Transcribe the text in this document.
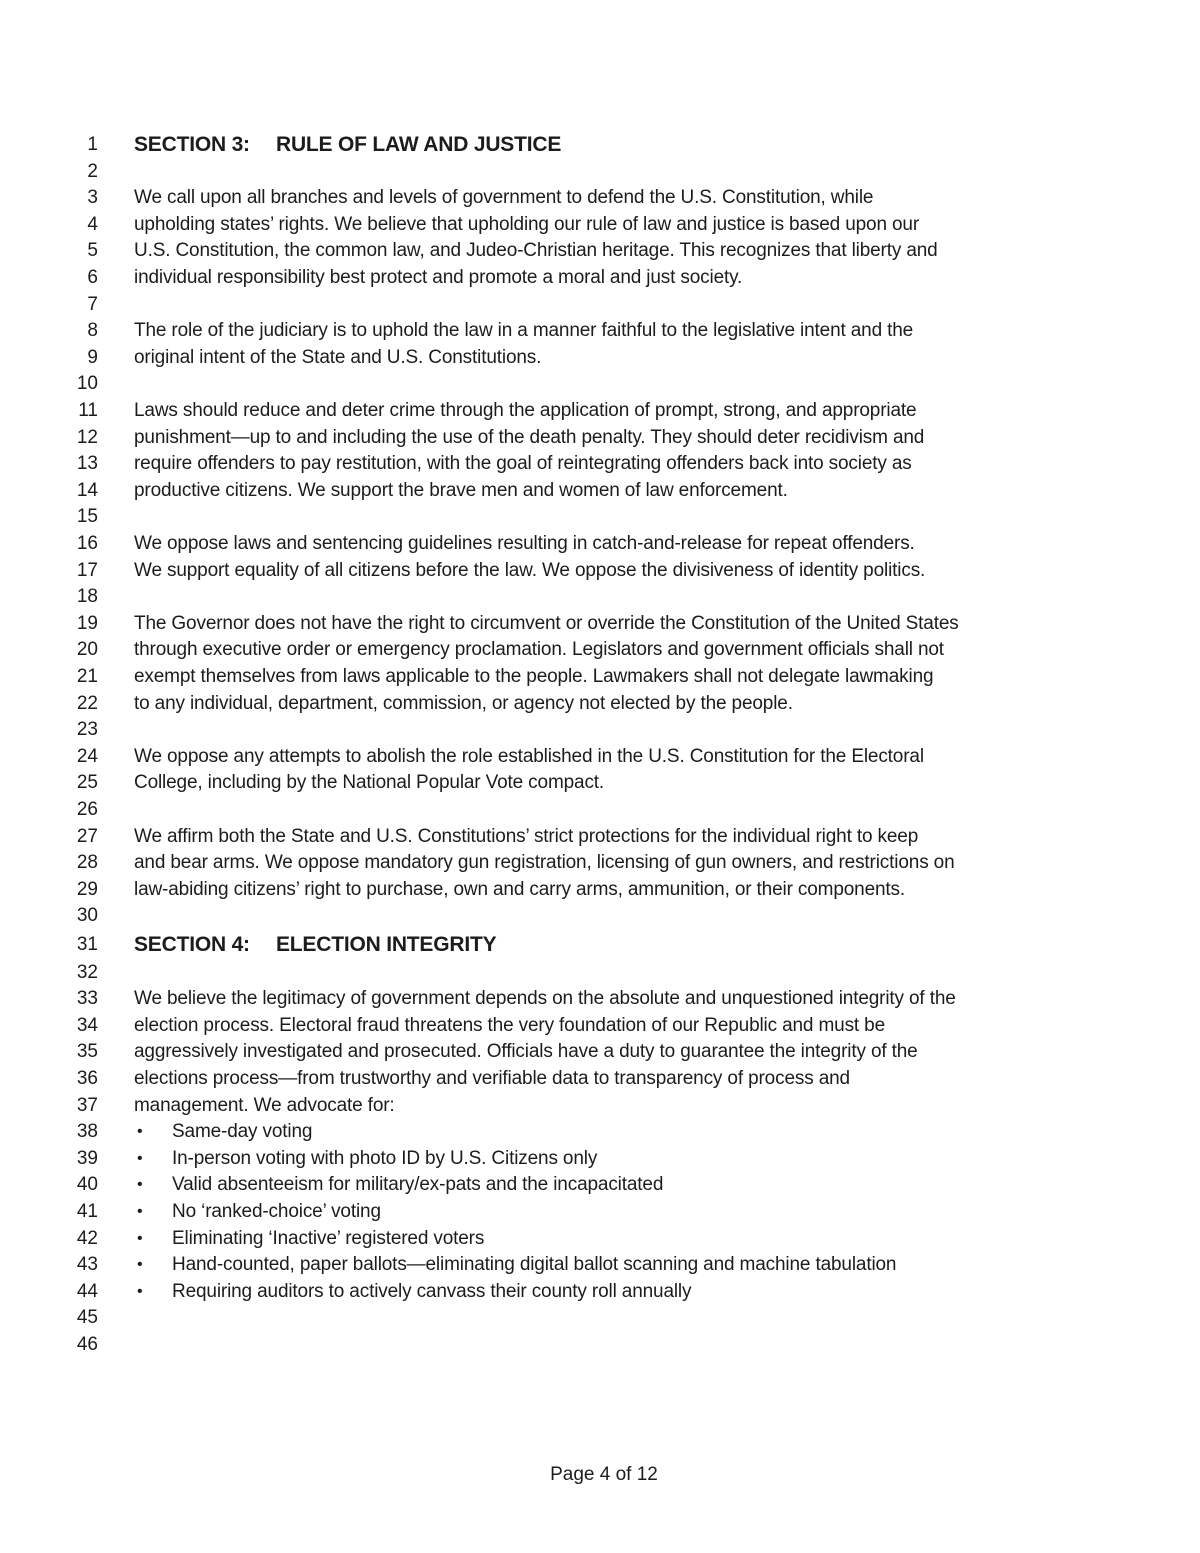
1 SECTION 3: RULE OF LAW AND JUSTICE
2
3 We call upon all branches and levels of government to defend the U.S. Constitution, while
4 upholding states’ rights. We believe that upholding our rule of law and justice is based upon our
5 U.S. Constitution, the common law, and Judeo-Christian heritage. This recognizes that liberty and
6 individual responsibility best protect and promote a moral and just society.
7
8 The role of the judiciary is to uphold the law in a manner faithful to the legislative intent and the
9 original intent of the State and U.S. Constitutions.
10
11 Laws should reduce and deter crime through the application of prompt, strong, and appropriate
12 punishment—up to and including the use of the death penalty. They should deter recidivism and
13 require offenders to pay restitution, with the goal of reintegrating offenders back into society as
14 productive citizens. We support the brave men and women of law enforcement.
15
16 We oppose laws and sentencing guidelines resulting in catch-and-release for repeat offenders.
17 We support equality of all citizens before the law. We oppose the divisiveness of identity politics.
18
19 The Governor does not have the right to circumvent or override the Constitution of the United States
20 through executive order or emergency proclamation. Legislators and government officials shall not
21 exempt themselves from laws applicable to the people. Lawmakers shall not delegate lawmaking
22 to any individual, department, commission, or agency not elected by the people.
23
24 We oppose any attempts to abolish the role established in the U.S. Constitution for the Electoral
25 College, including by the National Popular Vote compact.
26
27 We affirm both the State and U.S. Constitutions’ strict protections for the individual right to keep
28 and bear arms. We oppose mandatory gun registration, licensing of gun owners, and restrictions on
29 law-abiding citizens’ right to purchase, own and carry arms, ammunition, or their components.
30
31 SECTION 4: ELECTION INTEGRITY
32
33 We believe the legitimacy of government depends on the absolute and unquestioned integrity of the
34 election process. Electoral fraud threatens the very foundation of our Republic and must be
35 aggressively investigated and prosecuted. Officials have a duty to guarantee the integrity of the
36 elections process—from trustworthy and verifiable data to transparency of process and
37 management. We advocate for:
38 • Same-day voting
39 • In-person voting with photo ID by U.S. Citizens only
40 • Valid absenteeism for military/ex-pats and the incapacitated
41 • No ‘ranked-choice’ voting
42 • Eliminating ‘Inactive’ registered voters
43 • Hand-counted, paper ballots—eliminating digital ballot scanning and machine tabulation
44 • Requiring auditors to actively canvass their county roll annually
45
46
Page 4 of 12
